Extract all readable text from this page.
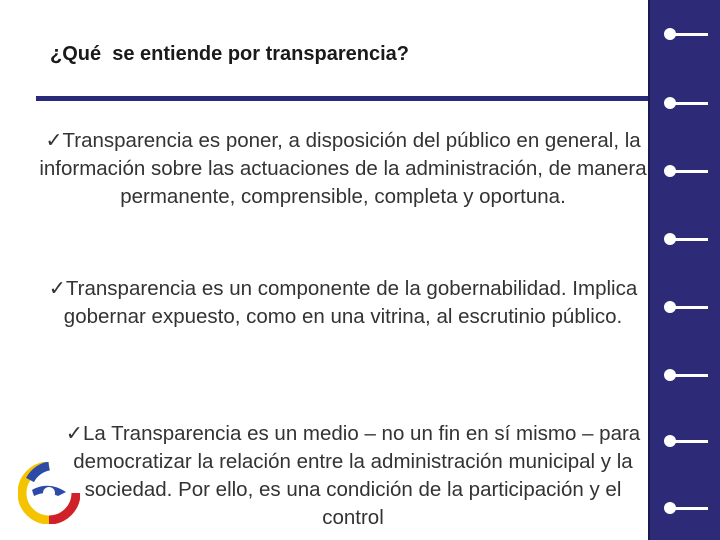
¿Qué  se entiende por transparencia?
✓Transparencia es poner, a disposición del público en general, la información sobre las actuaciones de la administración, de manera permanente, comprensible, completa y oportuna.
✓Transparencia es un componente de la gobernabilidad. Implica gobernar expuesto, como en una vitrina, al escrutinio público.
✓La Transparencia es un medio – no un fin en sí mismo – para democratizar la relación entre la administración municipal y la sociedad. Por ello, es una condición de la participación y el control
